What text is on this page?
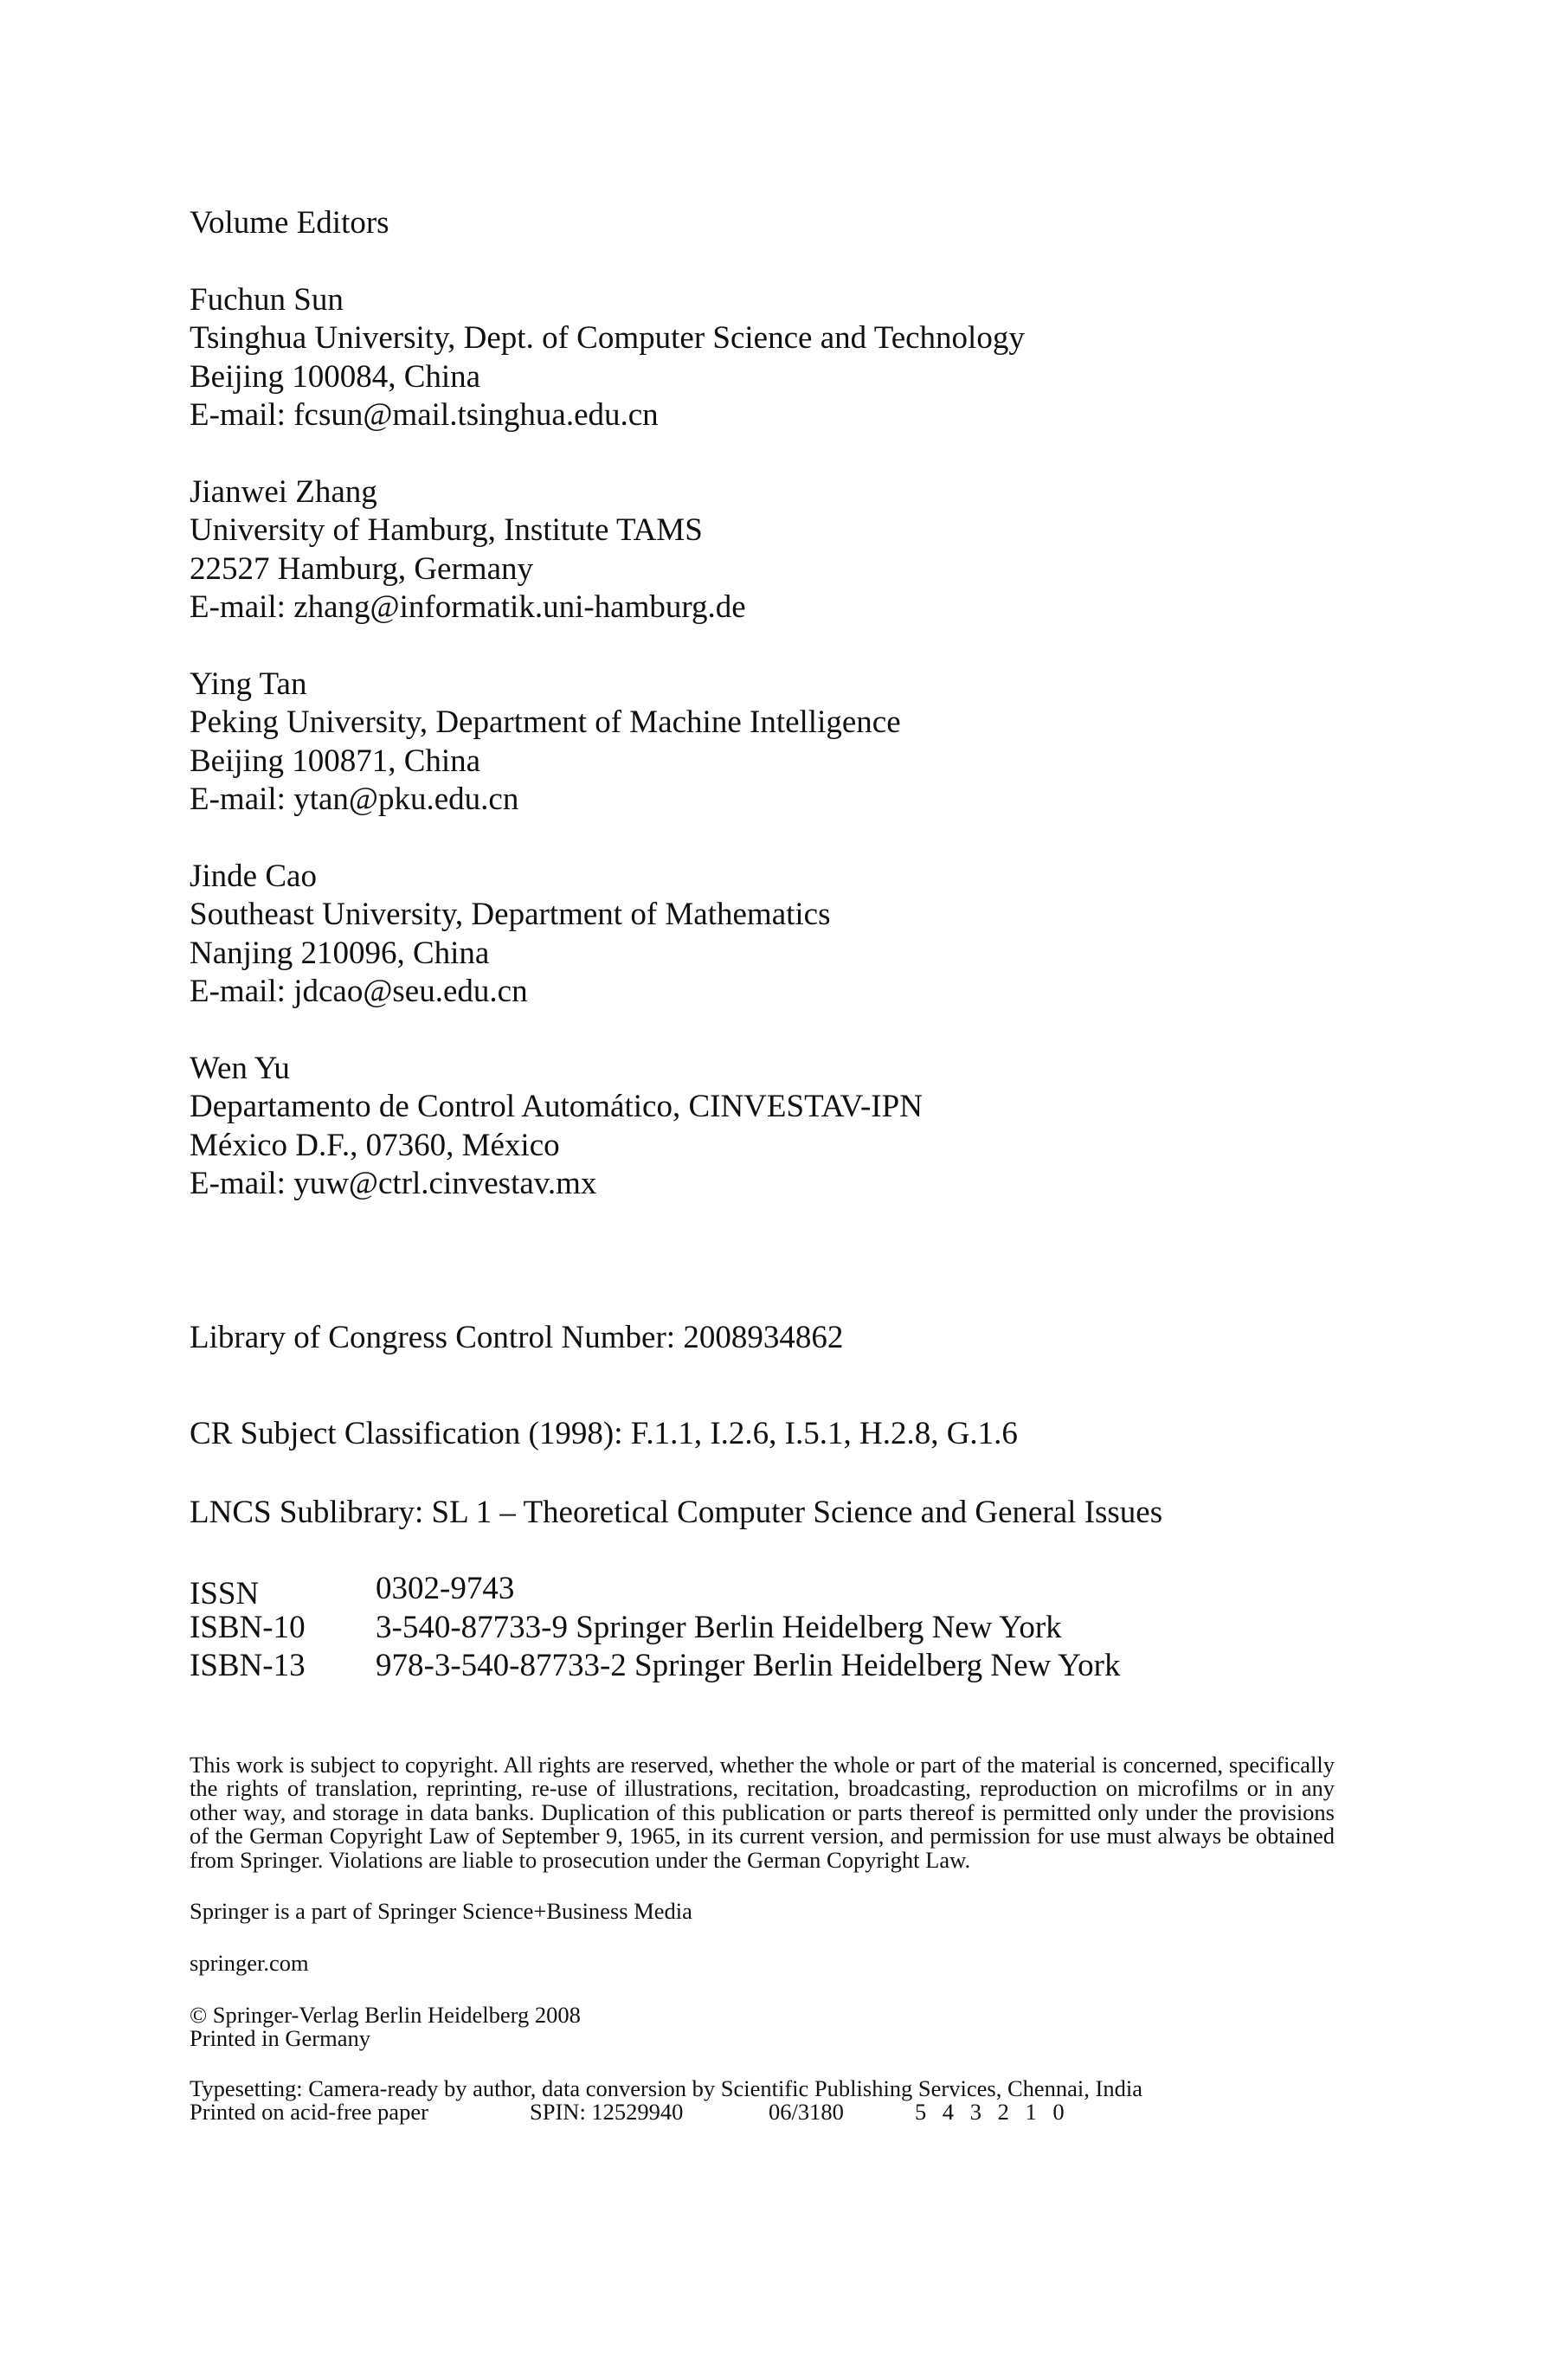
Volume Editors

Fuchun Sun
Tsinghua University, Dept. of Computer Science and Technology
Beijing 100084, China
E-mail: fcsun@mail.tsinghua.edu.cn
Jianwei Zhang
University of Hamburg, Institute TAMS
22527 Hamburg, Germany
E-mail: zhang@informatik.uni-hamburg.de
Ying Tan
Peking University, Department of Machine Intelligence
Beijing 100871, China
E-mail: ytan@pku.edu.cn
Jinde Cao
Southeast University, Department of Mathematics
Nanjing 210096, China
E-mail: jdcao@seu.edu.cn
Wen Yu
Departamento de Control Automático, CINVESTAV-IPN
México D.F., 07360, México
E-mail: yuw@ctrl.cinvestav.mx
Library of Congress Control Number: 2008934862
CR Subject Classification (1998): F.1.1, I.2.6, I.5.1, H.2.8, G.1.6
LNCS Sublibrary: SL 1 – Theoretical Computer Science and General Issues
ISSN	0302-9743
ISBN-10	3-540-87733-9 Springer Berlin Heidelberg New York
ISBN-13	978-3-540-87733-2 Springer Berlin Heidelberg New York

This work is subject to copyright. All rights are reserved, whether the whole or part of the material is concerned, specifically the rights of translation, reprinting, re-use of illustrations, recitation, broadcasting, reproduction on microfilms or in any other way, and storage in data banks. Duplication of this publication or parts thereof is permitted only under the provisions of the German Copyright Law of September 9, 1965, in its current version, and permission for use must always be obtained from Springer. Violations are liable to prosecution under the German Copyright Law.

Springer is a part of Springer Science+Business Media

springer.com

© Springer-Verlag Berlin Heidelberg 2008

Printed in Germany

Typesetting: Camera-ready by author, data conversion by Scientific Publishing Services, Chennai, India

Printed on acid-free paper	SPIN: 12529940	06/3180	5 4 3 2 1 0
